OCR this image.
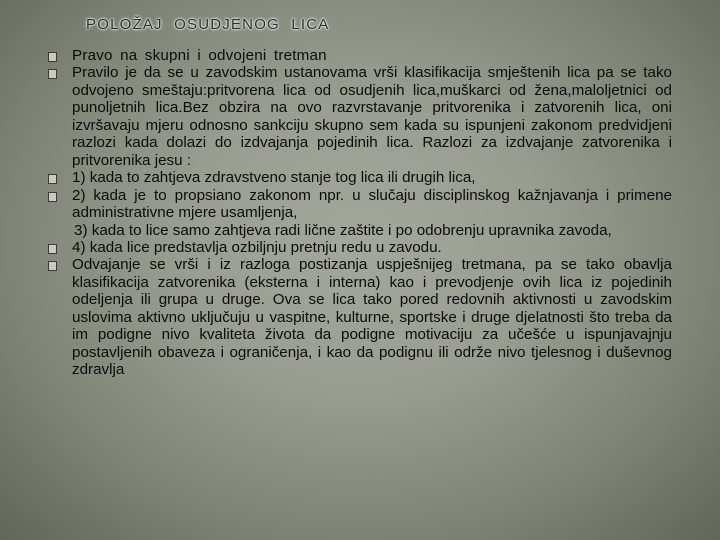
POLOŽAJ OSUDJENOG LICA
Pravo na skupni i odvojeni tretman
Pravilo je da se u zavodskim ustanovama vrši klasifikacija smještenih lica pa se tako odvojeno smeštaju:pritvorena lica od osudjenih lica,muškarci od žena,maloljetnici od punoljetnih lica.Bez obzira na ovo razvrstavanje pritvorenika i zatvorenih lica, oni izvršavaju mjeru odnosno sankciju skupno sem kada su ispunjeni zakonom predvidjeni razlozi kada dolazi do izdvajanja pojedinih lica. Razlozi za izdvajanje zatvorenika i pritvorenika jesu :
1) kada to zahtjeva zdravstveno stanje tog lica ili drugih lica,
2) kada je to propsiano zakonom npr. u slučaju disciplinskog kažnjavanja i primene administrativne mjere usamljenja,
3) kada to lice samo zahtjeva radi lične zaštite i po odobrenju upravnika zavoda,
4) kada lice predstavlja ozbiljnju pretnju redu u zavodu.
Odvajanje se vrši i iz razloga postizanja uspješnijeg tretmana, pa se tako obavlja klasifikacija zatvorenika (eksterna i interna) kao i prevodjenje ovih lica iz pojedinih odeljenja ili grupa u druge. Ova se lica tako pored redovnih aktivnosti u zavodskim uslovima aktivno uključuju u vaspitne, kulturne, sportske i druge djelatnosti što treba da im podigne nivo kvaliteta života da podigne motivaciju za učešće u ispunjavajnju postavljenih obaveza i ograničenja, i kao da podignu ili održe nivo tjelesnog i duševnog zdravlja
